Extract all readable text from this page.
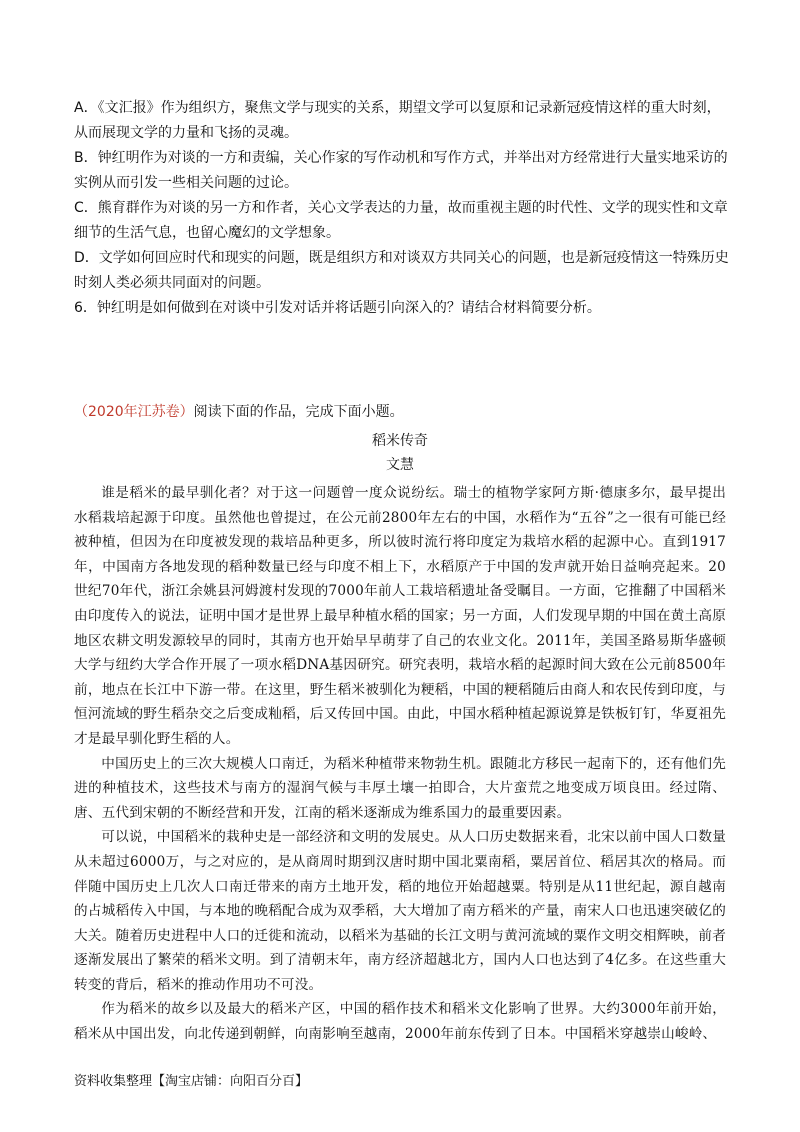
A．《文汇报》作为组织方，聚焦文学与现实的关系，期望文学可以复原和记录新冠疫情这样的重大时刻，从而展现文学的力量和飞扬的灵魂。

B．钟红明作为对谈的一方和责编，关心作家的写作动机和写作方式，并举出对方经常进行大量实地采访的实例从而引发一些相关问题的过论。

C．熊育群作为对谈的另一方和作者，关心文学表达的力量，故而重视主题的时代性、文学的现实性和文章细节的生活气息，也留心魔幻的文学想象。

D．文学如何回应时代和现实的问题，既是组织方和对谈双方共同关心的问题，也是新冠疫情这一特殊历史时刻人类必须共同面对的问题。

6．钟红明是如何做到在对谈中引发对话并将话题引向深入的？请结合材料简要分析。

（2020年江苏卷）阅读下面的作品，完成下面小题。

稻米传奇

文慧

谁是稻米的最早驯化者？对于这一问题曾一度众说纷纭。瑞士的植物学家阿方斯·德康多尔，最早提出水稻栽培起源于印度。虽然他也曾提过，在公元前2800年左右的中国，水稻作为“五谷”之一很有可能已经被种植，但因为在印度被发现的栽培品种更多，所以彼时流行将印度定为栽培水稻的起源中心。直到1917年，中国南方各地发现的稻种数量已经与印度不相上下，水稻原产于中国的发声就开始日益响亮起来。20世纪70年代，浙江余姚县河姆渡村发现的7000年前人工栽培稻遗址备受瞩目。一方面，它推翻了中国稻米由印度传入的说法，证明中国才是世界上最早种植水稻的国家；另一方面，人们发现早期的中国在黄土高原地区农耕文明发源较早的同时，其南方也开始早早萌芽了自己的农业文化。2011年，美国圣路易斯华盛顿大学与纽约大学合作开展了一项水稻DNA基因研究。研究表明，栽培水稻的起源时间大致在公元前8500年前，地点在长江中下游一带。在这里，野生稻米被驯化为粳稻，中国的粳稻随后由商人和农民传到印度，与恒河流域的野生稻杂交之后变成籼稻，后又传回中国。由此，中国水稻种植起源说算是铁板钉钉，华夏祖先才是最早驯化野生稻的人。

中国历史上的三次大规模人口南迁，为稻米种植带来物勃生机。跟随北方移民一起南下的，还有他们先进的种植技术，这些技术与南方的湿润气候与丰厚土壤一拍即合，大片蛮荒之地变成万顷良田。经过隋、唐、五代到宋朝的不断经营和开发，江南的稻米逐渐成为维系国力的最重要因素。

可以说，中国稻米的栽种史是一部经济和文明的发展史。从人口历史数据来看，北宋以前中国人口数量从未超过6000万，与之对应的，是从商周时期到汉唐时期中国北粟南稻，粟居首位、稻居其次的格局。而伴随中国历史上几次人口南迁带来的南方土地开发，稻的地位开始超越粟。特别是从11世纪起，源自越南的占城稻传入中国，与本地的晚稻配合成为双季稻，大大增加了南方稻米的产量，南宋人口也迅速突破亿的大关。随着历史进程中人口的迁徙和流动，以稻米为基础的长江文明与黄河流域的粟作文明交相辉映，前者逐渐发展出了繁荣的稻米文明。到了清朝末年，南方经济超越北方，国内人口也达到了4亿多。在这些重大转变的背后，稻米的推动作用功不可没。

作为稻米的故乡以及最大的稻米产区，中国的稻作技术和稻米文化影响了世界。大约3000年前开始，稻米从中国出发，向北传递到朝鲜，向南影响至越南，2000年前东传到了日本。中国稻米穿越崇山峻岭、

资料收集整理【淘宝店铺：向阳百分百】
